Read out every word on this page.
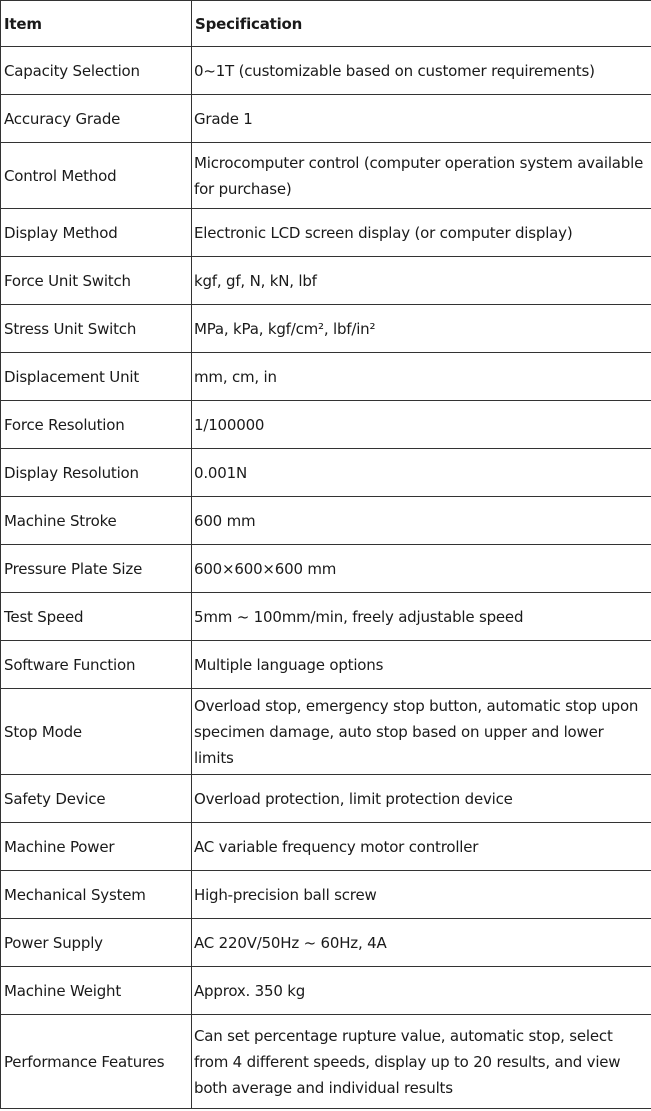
Item	Specification
Capacity Selection	0~1T (customizable based on customer requirements)
Accuracy Grade	Grade 1
Control Method	Microcomputer control (computer operation system available for purchase)
Display Method	Electronic LCD screen display (or computer display)
Force Unit Switch	kgf, gf, N, kN, lbf
Stress Unit Switch	MPa, kPa, kgf/cm², lbf/in²
Displacement Unit	mm, cm, in
Force Resolution	1/100000
Display Resolution	0.001N
Machine Stroke	600 mm
Pressure Plate Size	600×600×600 mm
Test Speed	5mm ~ 100mm/min, freely adjustable speed
Software Function	Multiple language options
Stop Mode	Overload stop, emergency stop button, automatic stop upon specimen damage, auto stop based on upper and lower limits
Safety Device	Overload protection, limit protection device
Machine Power	AC variable frequency motor controller
Mechanical System	High-precision ball screw
Power Supply	AC 220V/50Hz ~ 60Hz, 4A
Machine Weight	Approx. 350 kg
Performance Features	Can set percentage rupture value, automatic stop, select from 4 different speeds, display up to 20 results, and view both average and individual results
